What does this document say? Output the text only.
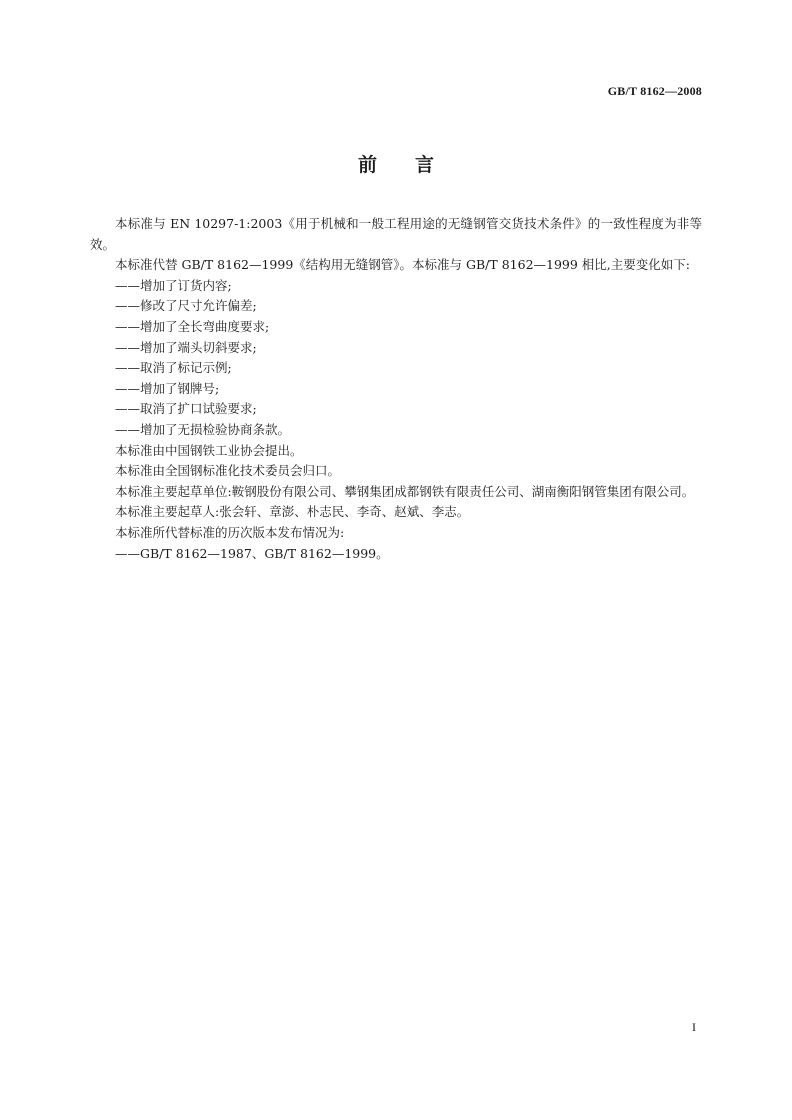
GB/T 8162—2008
前 言

本标准与 EN 10297-1:2003《用于机械和一般工程用途的无缝钢管交货技术条件》的一致性程度为非等效。

本标准代替 GB/T 8162—1999《结构用无缝钢管》。本标准与 GB/T 8162—1999 相比,主要变化如下:

——增加了订货内容;

——修改了尺寸允许偏差;

——增加了全长弯曲度要求;

——增加了端头切斜要求;

——取消了标记示例;

——增加了钢牌号;

——取消了扩口试验要求;

——增加了无损检验协商条款。

本标准由中国钢铁工业协会提出。

本标准由全国钢标准化技术委员会归口。

本标准主要起草单位:鞍钢股份有限公司、攀钢集团成都钢铁有限责任公司、湖南衡阳钢管集团有限公司。

本标准主要起草人:张会轩、章澎、朴志民、李奇、赵斌、李志。

本标准所代替标准的历次版本发布情况为:

——GB/T 8162—1987、GB/T 8162—1999。

I
